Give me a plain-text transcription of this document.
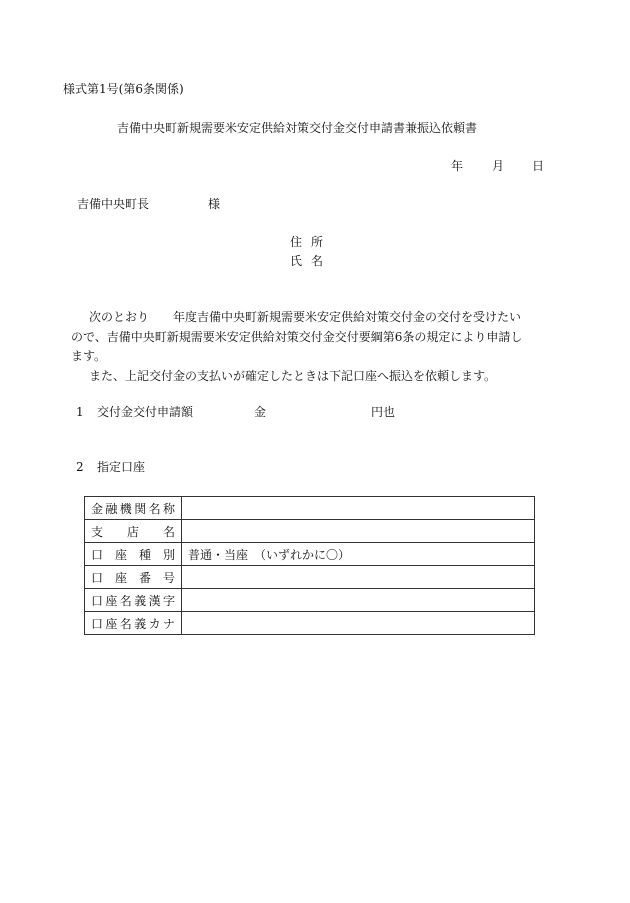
様式第1号(第6条関係)
吉備中央町新規需要米安定供給対策交付金交付申請書兼振込依頼書
年 月 日
吉備中央町長	様
住所
氏名

次のとおり　　年度吉備中央町新規需要米安定供給対策交付金の交付を受けたい

ので、吉備中央町新規需要米安定供給対策交付金交付要綱第6条の規定により申請し

ます。

また、上記交付金の支払いが確定したときは下記口座へ振込を依頼します。

1 交付金交付申請額	金	円也
2 指定口座
金融機関名称	
支店名	
口座種別	普通・当座　（いずれかに〇）
口座番号	
口座名義漢字	
口座名義カナ	
